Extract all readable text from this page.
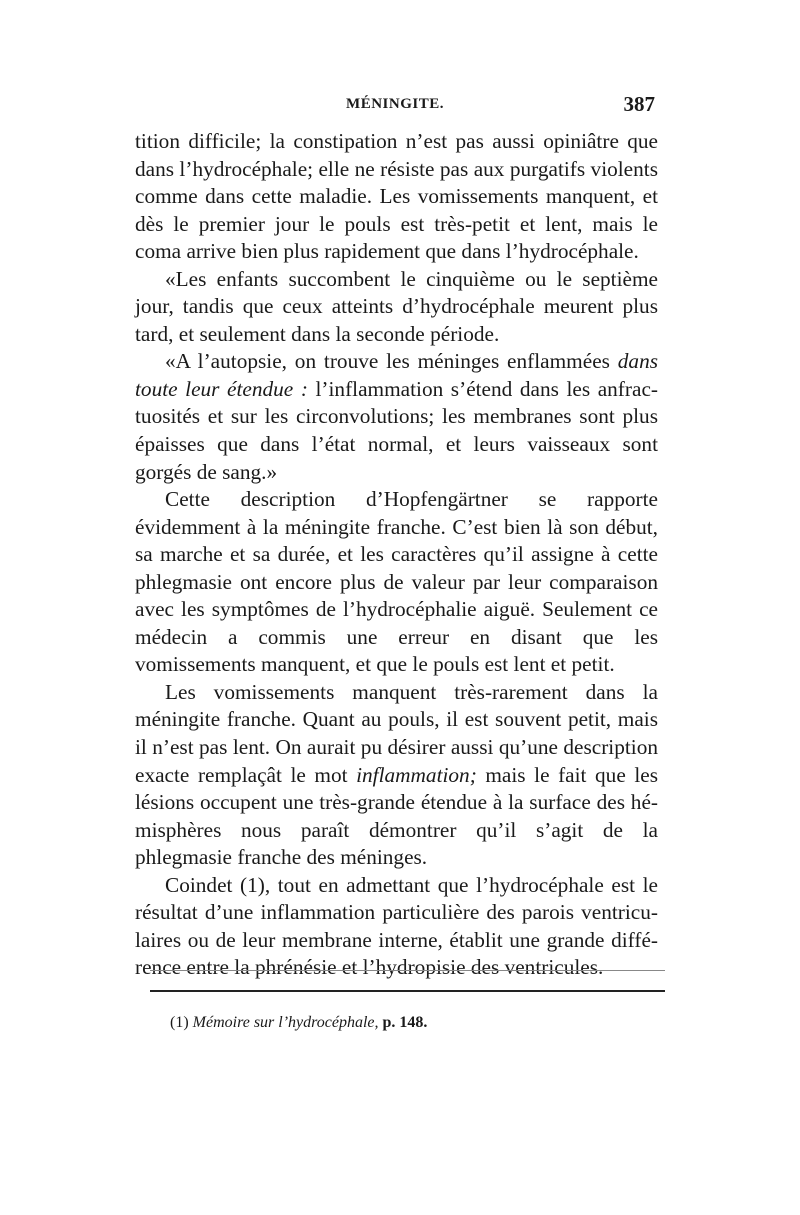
MÉNINGITE.	387

tition difficile; la constipation n’est pas aussi opiniâtre que dans l’hydrocéphale; elle ne résiste pas aux purgatifs violents comme dans cette maladie. Les vomissements manquent, et dès le premier jour le pouls est très-petit et lent, mais le coma arrive bien plus rapidement que dans l’hydrocéphale.

«Les enfants succombent le cinquième ou le septième jour, tandis que ceux atteints d’hydrocéphale meurent plus tard, et seulement dans la seconde période.

«A l’autopsie, on trouve les méninges enflammées dans toute leur étendue : l’inflammation s’étend dans les anfractuosités et sur les circonvolutions; les membranes sont plus épaisses que dans l’état normal, et leurs vaisseaux sont gorgés de sang.»

Cette description d’Hopfengärtner se rapporte évidemment à la méningite franche. C’est bien là son début, sa marche et sa durée, et les caractères qu’il assigne à cette phlegmasie ont encore plus de valeur par leur comparaison avec les symptômes de l’hydrocéphalie aiguë. Seulement ce médecin a commis une erreur en disant que les vomissements manquent, et que le pouls est lent et petit.

Les vomissements manquent très-rarement dans la méningite franche. Quant au pouls, il est souvent petit, mais il n’est pas lent. On aurait pu désirer aussi qu’une description exacte remplaçât le mot inflammation; mais le fait que les lésions occupent une très-grande étendue à la surface des hémisphères nous paraît démontrer qu’il s’agit de la phlegmasie franche des méninges.

Coindet (1), tout en admettant que l’hydrocéphale est le résultat d’une inflammation particulière des parois ventriculaires ou de leur membrane interne, établit une grande différence entre la phrénésie et l’hydropisie des ventricules.

(1) Mémoire sur l’hydrocéphale, p. 148.
